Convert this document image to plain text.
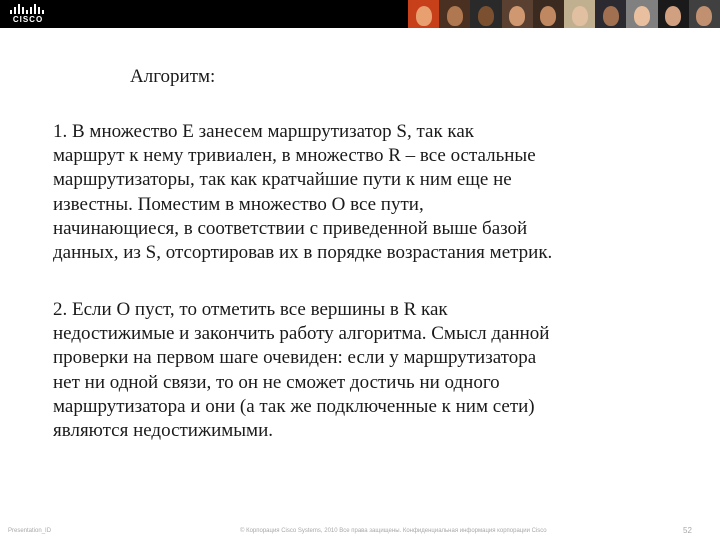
CISCO
Алгоритм:
1. В множество E занесем маршрутизатор S, так как
маршрут к нему тривиален, в множество R – все остальные
маршрутизаторы, так как кратчайшие пути к ним еще не
известны. Поместим в множество O все пути,
начинающиеся, в соответствии с приведенной выше базой
данных, из S, отсортировав их в порядке возрастания метрик.
2. Если O пуст, то отметить все вершины в R как
недостижимые и закончить работу алгоритма. Смысл данной
проверки на первом шаге очевиден: если у маршрутизатора
нет ни одной связи, то он не сможет достичь ни одного
маршрутизатора и они (а так же подключенные к ним сети)
являются недостижимыми.
Presentation_ID	© Корпорация Cisco Systems, 2010 Все права защищены. Конфиденциальная информация корпорации Cisco	52
